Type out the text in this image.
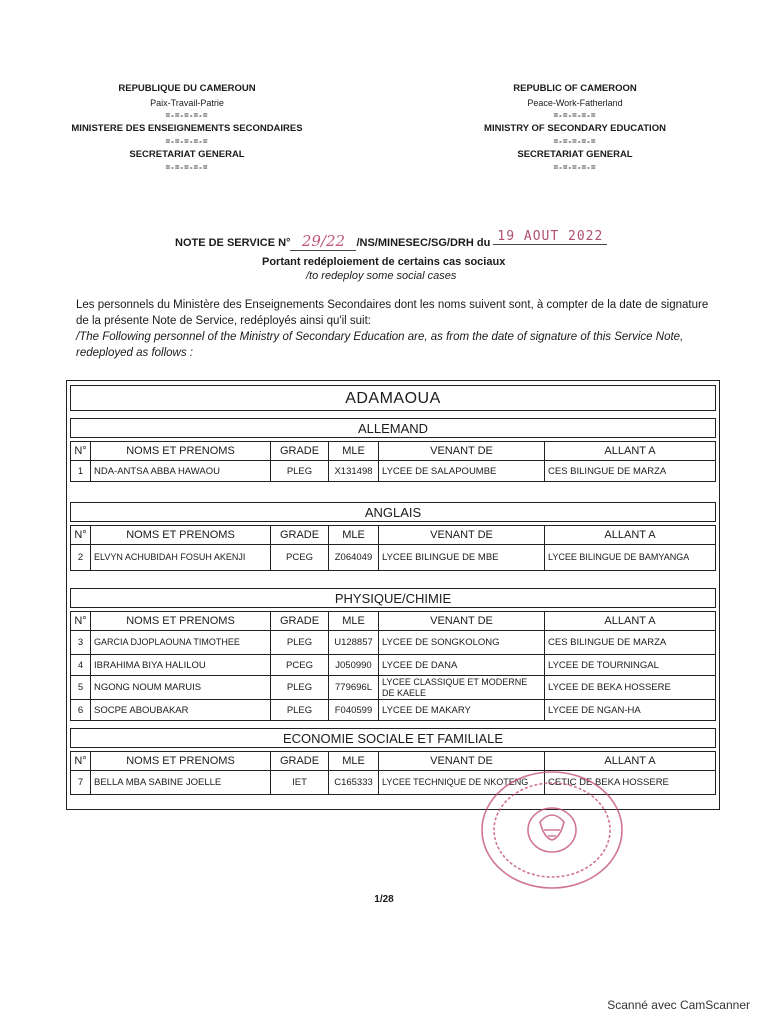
REPUBLIQUE DU CAMEROUN
Paix-Travail-Patrie
=-=-=-=-=
MINISTERE DES ENSEIGNEMENTS SECONDAIRES
=-=-=-=-=
SECRETARIAT GENERAL
=-=-=-=-=
REPUBLIC OF CAMEROON
Peace-Work-Fatherland
=-=-=-=-=
MINISTRY OF SECONDARY EDUCATION
=-=-=-=-=
SECRETARIAT GENERAL
=-=-=-=-=
NOTE DE SERVICE N° 29/22 /NS/MINESEC/SG/DRH du 19 AOUT 2022
Portant redéploiement de certains cas sociaux
/to redeploy some social cases
Les personnels du Ministère des Enseignements Secondaires dont les noms suivent sont, à compter de la date de signature de la présente Note de Service, redéployés ainsi qu'il suit:
/The Following personnel of the Ministry of Secondary Education are, as from the date of signature of this Service Note, redeployed as follows :
ADAMAOUA
ALLEMAND
N°	NOMS ET PRENOMS	GRADE	MLE	VENANT DE	ALLANT A
1	NDA-ANTSA ABBA HAWAOU	PLEG	X131498	LYCEE DE SALAPOUMBE	CES BILINGUE DE MARZA
ANGLAIS
N°	NOMS ET PRENOMS	GRADE	MLE	VENANT DE	ALLANT A
2	ELVYN ACHUBIDAH FOSUH AKENJI	PCEG	Z064049	LYCEE BILINGUE DE MBE	LYCEE BILINGUE DE BAMYANGA
PHYSIQUE/CHIMIE
N°	NOMS ET PRENOMS	GRADE	MLE	VENANT DE	ALLANT A
3	GARCIA DJOPLAOUNA TIMOTHEE	PLEG	U128857	LYCEE DE SONGKOLONG	CES BILINGUE DE MARZA
4	IBRAHIMA BIYA HALILOU	PCEG	J050990	LYCEE DE DANA	LYCEE DE TOURNINGAL
5	NGONG NOUM MARUIS	PLEG	779696L	LYCEE CLASSIQUE ET MODERNE DE KAELE	LYCEE DE BEKA HOSSERE
6	SOCPE ABOUBAKAR	PLEG	F040599	LYCEE DE MAKARY	LYCEE DE NGAN-HA
ECONOMIE SOCIALE ET FAMILIALE
N°	NOMS ET PRENOMS	GRADE	MLE	VENANT DE	ALLANT A
7	BELLA MBA SABINE JOELLE	IET	C165333	LYCEE TECHNIQUE DE NKOTENG	CETIC DE BEKA HOSSERE
1/28
Scanné avec CamScanner
